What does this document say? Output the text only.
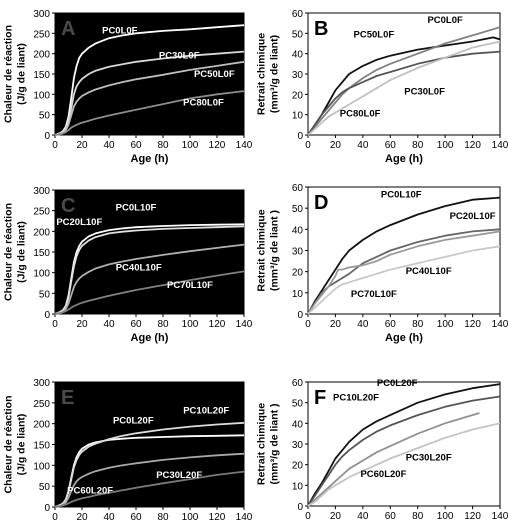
A
0
50
100
150
200
250
300
0 20 40 60 80 100 120 140
Age (h)
Chaleur de réaction (J/g de liant)
PC0L0F
PC30L0F
PC50L0F
PC80L0F
B
0
10
20
30
40
50
60
0 20 40 60 80 100 120 140
Age (h)
Retrait chimique (mm³/g de liant)
PC0L0F
PC50L0F
PC30L0F
PC80L0F
C
0
50
100
150
200
250
300
0 20 40 60 80 100 120 140
Age (h)
Chaleur de réaction (J/g de liant)
PC0L10F
PC20L10F
PC40L10F
PC70L10F
D
0
10
20
30
40
50
60
0 20 40 60 80 100 120 140
Age (h)
Retrait chimique (mm³/g de liant )
PC0L10F
PC20L10F
PC40L10F
PC70L10F
E
0
50
100
150
200
250
300
0 20 40 60 80 100 120 140
Chaleur de réaction (J/g de liant)	PC0L20F
PC10L20F
PC30L20F
PC60L20F
F
0
10
20
30
40
50
60
0 20 40 60 80 100 120 140
Retrait chimique (mm³/g de liant )
PC0L20F
PC10L20F
PC30L20F
PC60L20F
